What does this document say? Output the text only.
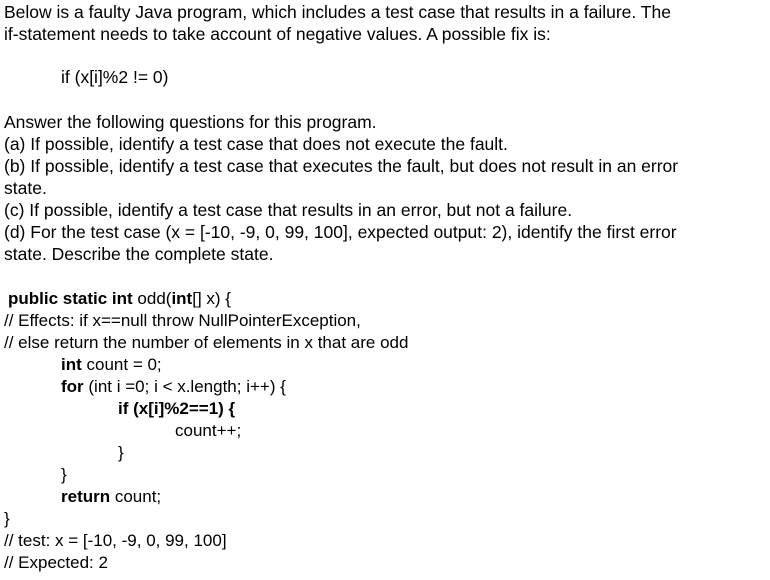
Below is a faulty Java program, which includes a test case that results in a failure. The
if-statement needs to take account of negative values. A possible fix is:
if (x[i]%2 != 0)
Answer the following questions for this program.
(a) If possible, identify a test case that does not execute the fault.
(b) If possible, identify a test case that executes the fault, but does not result in an error
state.
(c) If possible, identify a test case that results in an error, but not a failure.
(d) For the test case (x = [-10, -9, 0, 99, 100], expected output: 2), identify the first error
state. Describe the complete state.
public static int odd(int[] x) {
// Effects: if x==null throw NullPointerException,
// else return the number of elements in x that are odd
int count = 0;
for (int i =0; i < x.length; i++) {
if (x[i]%2==1) {
count++;
}
}
return count;
}
// test: x = [-10, -9, 0, 99, 100]
// Expected: 2
